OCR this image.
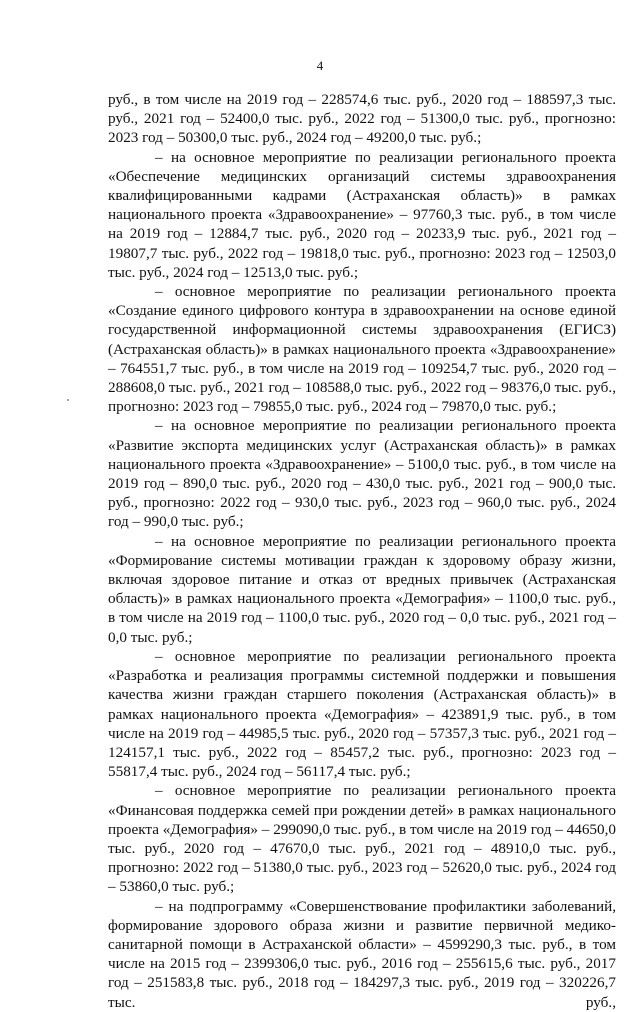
4

руб., в том числе на 2019 год – 228574,6 тыс. руб., 2020 год – 188597,3 тыс. руб., 2021 год – 52400,0 тыс. руб., 2022 год – 51300,0 тыс. руб., прогнозно: 2023 год – 50300,0 тыс. руб., 2024 год – 49200,0 тыс. руб.;

– на основное мероприятие по реализации регионального проекта «Обеспечение медицинских организаций системы здравоохранения квалифицированными кадрами (Астраханская область)» в рамках национального проекта «Здравоохранение» – 97760,3 тыс. руб., в том числе на 2019 год – 12884,7 тыс. руб., 2020 год – 20233,9 тыс. руб., 2021 год – 19807,7 тыс. руб., 2022 год – 19818,0 тыс. руб., прогнозно: 2023 год – 12503,0 тыс. руб., 2024 год – 12513,0 тыс. руб.;

– основное мероприятие по реализации регионального проекта «Создание единого цифрового контура в здравоохранении на основе единой государственной информационной системы здравоохранения (ЕГИСЗ) (Астраханская область)» в рамках национального проекта «Здравоохранение» – 764551,7 тыс. руб., в том числе на 2019 год – 109254,7 тыс. руб., 2020 год – 288608,0 тыс. руб., 2021 год – 108588,0 тыс. руб., 2022 год – 98376,0 тыс. руб., прогнозно: 2023 год – 79855,0 тыс. руб., 2024 год – 79870,0 тыс. руб.;

– на основное мероприятие по реализации регионального проекта «Развитие экспорта медицинских услуг (Астраханская область)» в рамках национального проекта «Здравоохранение» – 5100,0 тыс. руб., в том числе на 2019 год – 890,0 тыс. руб., 2020 год – 430,0 тыс. руб., 2021 год – 900,0 тыс. руб., прогнозно: 2022 год – 930,0 тыс. руб., 2023 год – 960,0 тыс. руб., 2024 год – 990,0 тыс. руб.;

– на основное мероприятие по реализации регионального проекта «Формирование системы мотивации граждан к здоровому образу жизни, включая здоровое питание и отказ от вредных привычек (Астраханская область)» в рамках национального проекта «Демография» – 1100,0 тыс. руб., в том числе на 2019 год – 1100,0 тыс. руб., 2020 год – 0,0 тыс. руб., 2021 год – 0,0 тыс. руб.;

– основное мероприятие по реализации регионального проекта «Разработка и реализация программы системной поддержки и повышения качества жизни граждан старшего поколения (Астраханская область)» в рамках национального проекта «Демография» – 423891,9 тыс. руб., в том числе на 2019 год – 44985,5 тыс. руб., 2020 год – 57357,3 тыс. руб., 2021 год – 124157,1 тыс. руб., 2022 год – 85457,2 тыс. руб., прогнозно: 2023 год – 55817,4 тыс. руб., 2024 год – 56117,4 тыс. руб.;

– основное мероприятие по реализации регионального проекта «Финансовая поддержка семей при рождении детей» в рамках национального проекта «Демография» – 299090,0 тыс. руб., в том числе на 2019 год – 44650,0 тыс. руб., 2020 год – 47670,0 тыс. руб., 2021 год – 48910,0 тыс. руб., прогнозно: 2022 год – 51380,0 тыс. руб., 2023 год – 52620,0 тыс. руб., 2024 год – 53860,0 тыс. руб.;

– на подпрограмму «Совершенствование профилактики заболеваний, формирование здорового образа жизни и развитие первичной медико-санитарной помощи в Астраханской области» – 4599290,3 тыс. руб., в том числе на 2015 год – 2399306,0 тыс. руб., 2016 год – 255615,6 тыс. руб., 2017 год – 251583,8 тыс. руб., 2018 год – 184297,3 тыс. руб., 2019 год – 320226,7 тыс. руб.,
